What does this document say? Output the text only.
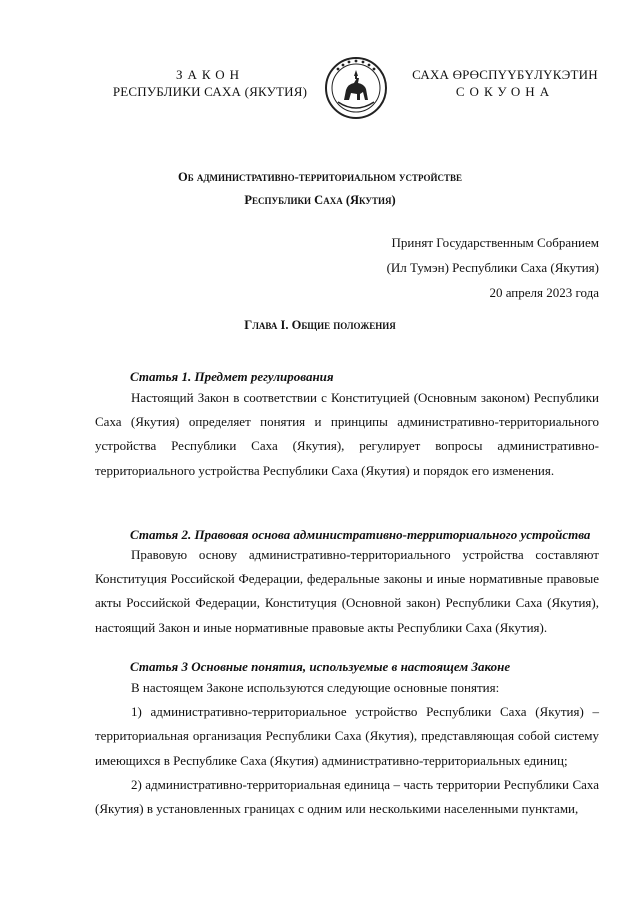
ЗАКОН
РЕСПУБЛИКИ САХА (ЯКУТИЯ)
САХА ӨРӨСПҮҮБҮЛҮКЭТИН
СОКУОНА
Об административно-территориальном устройстве
Республики Саха (Якутия)
Принят Государственным Собранием
(Ил Тумэн) Республики Саха (Якутия)
20 апреля 2023 года
Глава I. Общие положения
Статья 1. Предмет регулирования

Настоящий Закон в соответствии с Конституцией (Основным законом) Республики Саха (Якутия) определяет понятия и принципы административно-территориального устройства Республики Саха (Якутия), регулирует вопросы административно-территориального устройства Республики Саха (Якутия) и порядок его изменения.

Статья 2. Правовая основа административно-территориального устройства

Правовую основу административно-территориального устройства составляют Конституция Российской Федерации, федеральные законы и иные нормативные правовые акты Российской Федерации, Конституция (Основной закон) Республики Саха (Якутия), настоящий Закон и иные нормативные правовые акты Республики Саха (Якутия).

Статья 3 Основные понятия, используемые в настоящем Законе

В настоящем Законе используются следующие основные понятия:

1) административно-территориальное устройство Республики Саха (Якутия) – территориальная организация Республики Саха (Якутия), представляющая собой систему имеющихся в Республике Саха (Якутия) административно-территориальных единиц;

2) административно-территориальная единица – часть территории Республики Саха (Якутия) в установленных границах с одним или несколькими населенными пунктами,
